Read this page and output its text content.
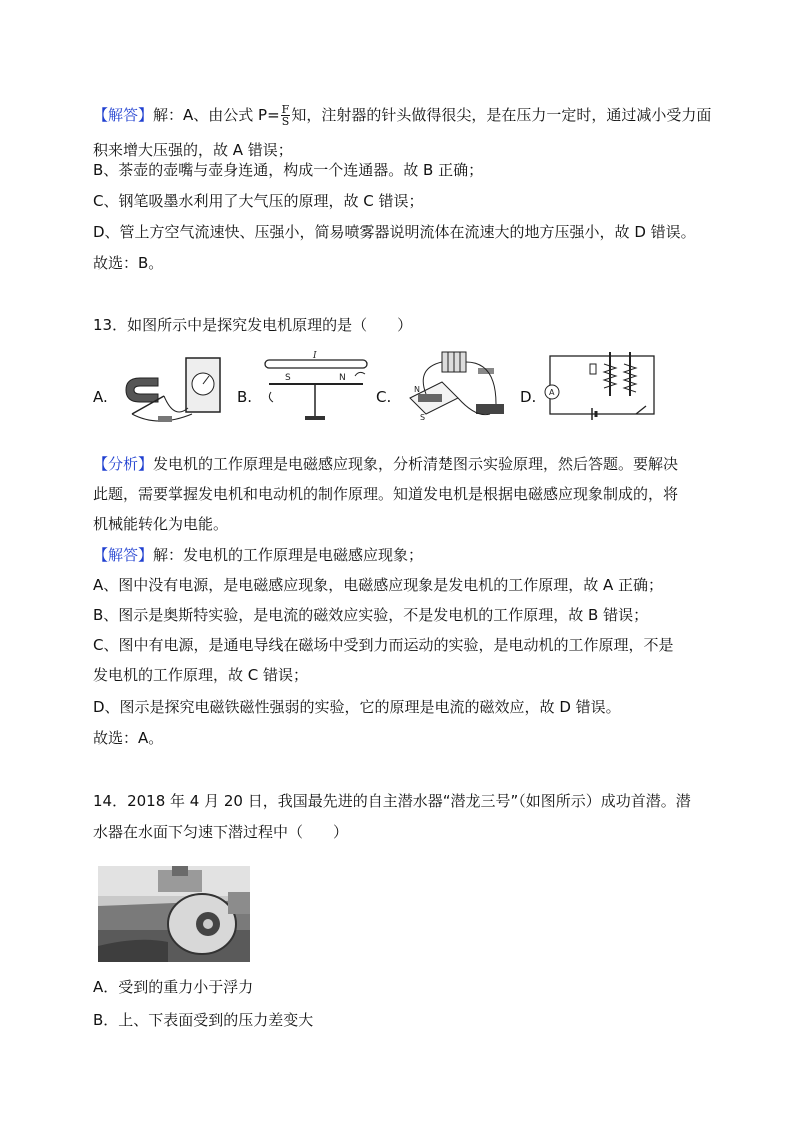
【解答】解：A、由公式 $P= \frac{F}{S}$ 知，注射器的针头做得很尖，是在压力一定时，通过减小受力面
积来增大压强的，故 A 错误；
B、茶壶的壶嘴与壶身连通，构成一个连通器。故 B 正确；
C、钢笔吸墨水利用了大气压的原理，故 C 错误；
D、管上方空气流速快、压强小，简易喷雾器说明流体在流速大的地方压强小，故 D 错误。
故选：B。
13．如图所示中是探究发电机原理的是（　　）
A.	B.
I
S	N
C.	N
S
D. A
【分析】发电机的工作原理是电磁感应现象，分析清楚图示实验原理，然后答题。要解决
此题，需要掌握发电机和电动机的制作原理。知道发电机是根据电磁感应现象制成的，将
机械能转化为电能。
【解答】解：发电机的工作原理是电磁感应现象；
A、图中没有电源，是电磁感应现象，电磁感应现象是发电机的工作原理，故 A 正确；
B、图示是奥斯特实验，是电流的磁效应实验，不是发电机的工作原理，故 B 错误；
C、图中有电源，是通电导线在磁场中受到力而运动的实验，是电动机的工作原理，不是
发电机的工作原理，故 C 错误；
D、图示是探究电磁铁磁性强弱的实验，它的原理是电流的磁效应，故 D 错误。
故选：A。
14．2018 年 4 月 20 日，我国最先进的自主潜水器“潜龙三号”（如图所示）成功首潜。潜
水器在水面下匀速下潜过程中（　　）
A．受到的重力小于浮力
B．上、下表面受到的压力差变大
